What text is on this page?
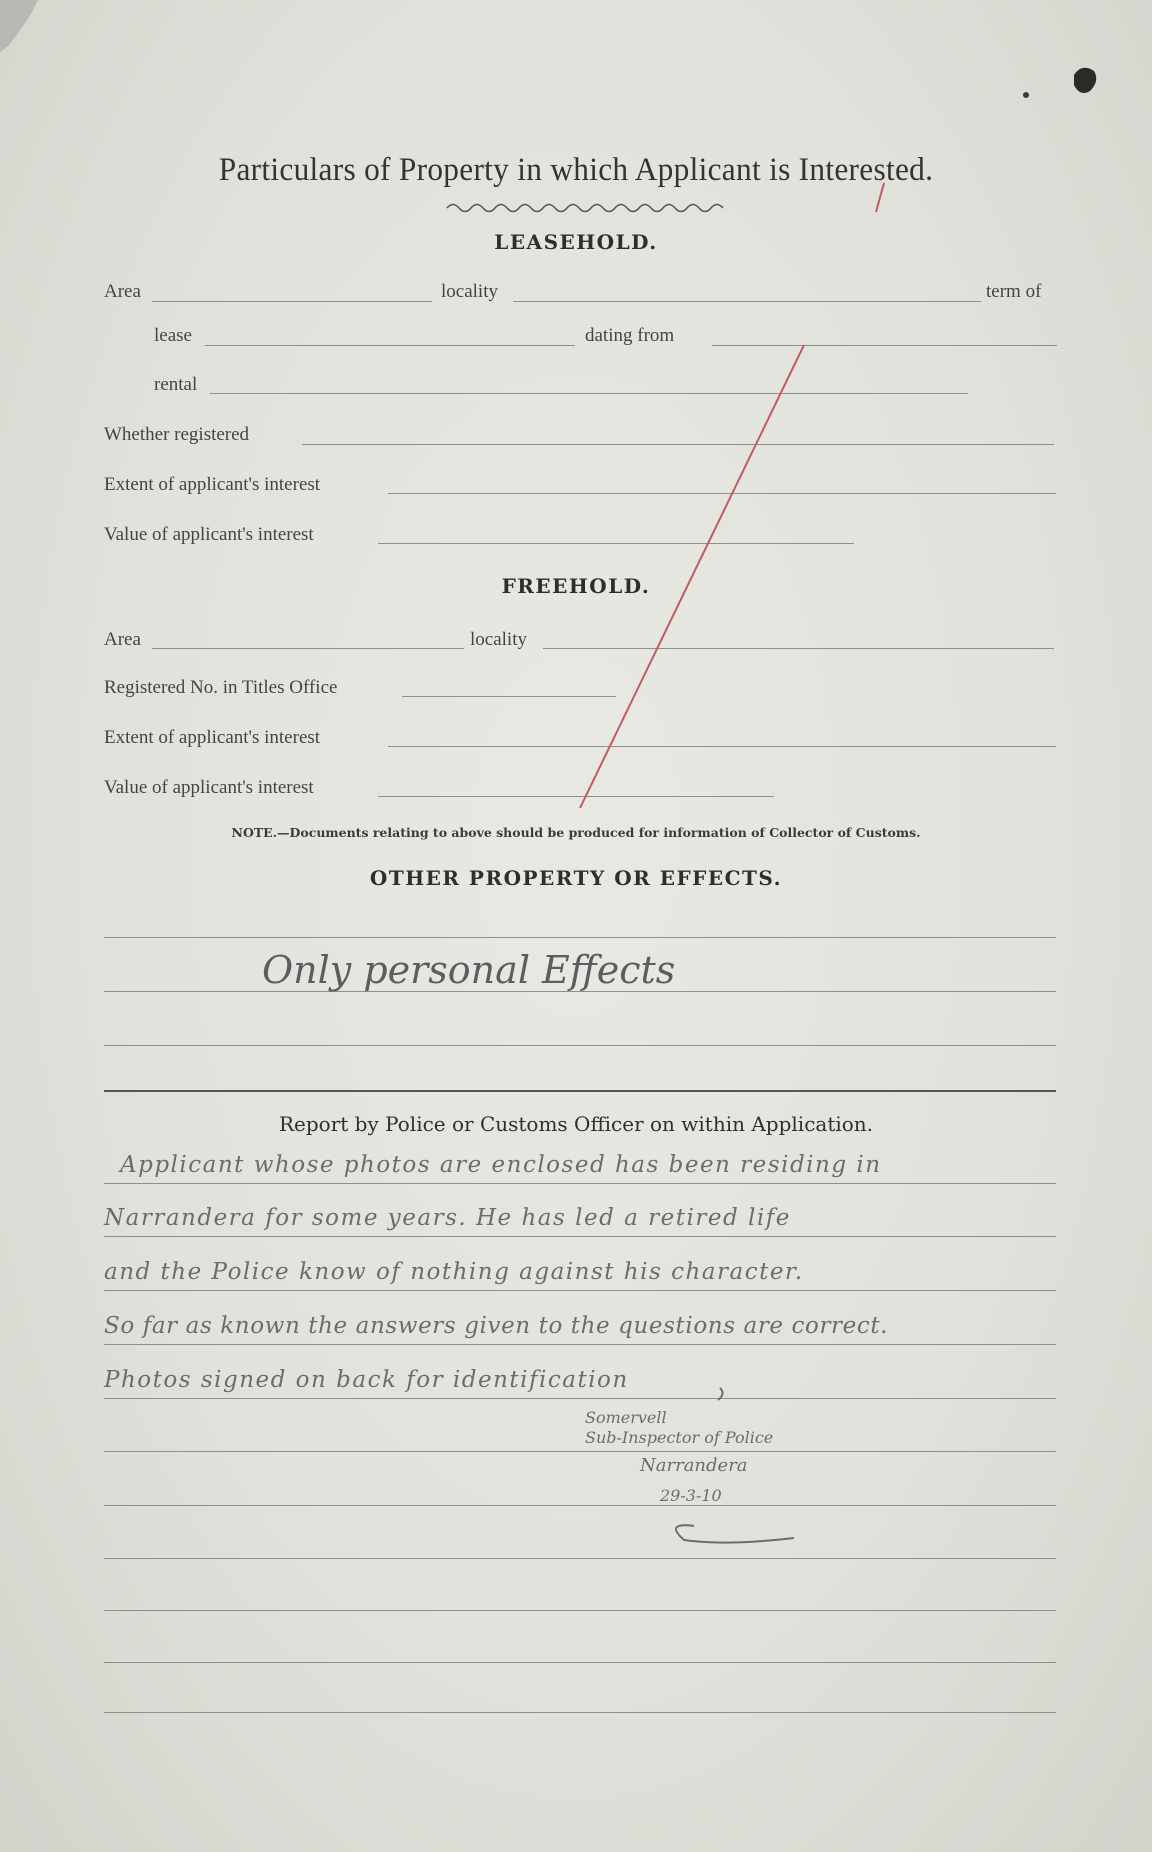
Particulars of Property in which Applicant is Interested.
LEASEHOLD.
Area	locality	term of
lease	dating from
rental
Whether registered
Extent of applicant's interest
Value of applicant's interest
FREEHOLD.
Area	locality
Registered No. in Titles Office
Extent of applicant's interest
Value of applicant's interest
NOTE.—Documents relating to above should be produced for information of Collector of Customs.
OTHER PROPERTY OR EFFECTS.
Only personal Effects
Report by Police or Customs Officer on within Application.
Applicant whose photos are enclosed has been residing in
Narrandera for some years. He has led a retired life
and the Police know of nothing against his character.
So far as known the answers given to the questions are correct.
Photos signed on back for identification
Somervell
Sub-Inspector of Police
Narrandera
29-3-10
